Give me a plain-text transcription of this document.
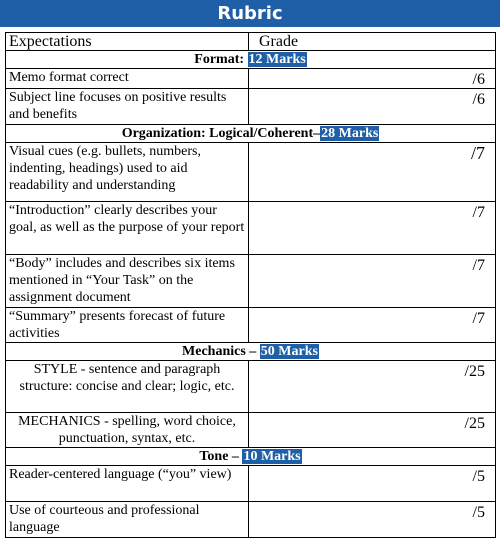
Rubric
Expectations	Grade
Format: 12 Marks	
Memo format correct	/6
Subject line focuses on positive results and benefits	/6
Organization: Logical/Coherent–28 Marks	
Visual cues (e.g. bullets, numbers, indenting, headings) used to aid readability and understanding	/7
“Introduction” clearly describes your goal, as well as the purpose of your report	/7
“Body” includes and describes six items mentioned in “Your Task” on the assignment document	/7
“Summary” presents forecast of future activities	/7
Mechanics – 50 Marks	
STYLE - sentence and paragraph structure: concise and clear; logic, etc.	/25
MECHANICS - spelling, word choice, punctuation, syntax, etc.	/25
Tone – 10 Marks	
Reader-centered language (“you” view)	/5
Use of courteous and professional language	/5
